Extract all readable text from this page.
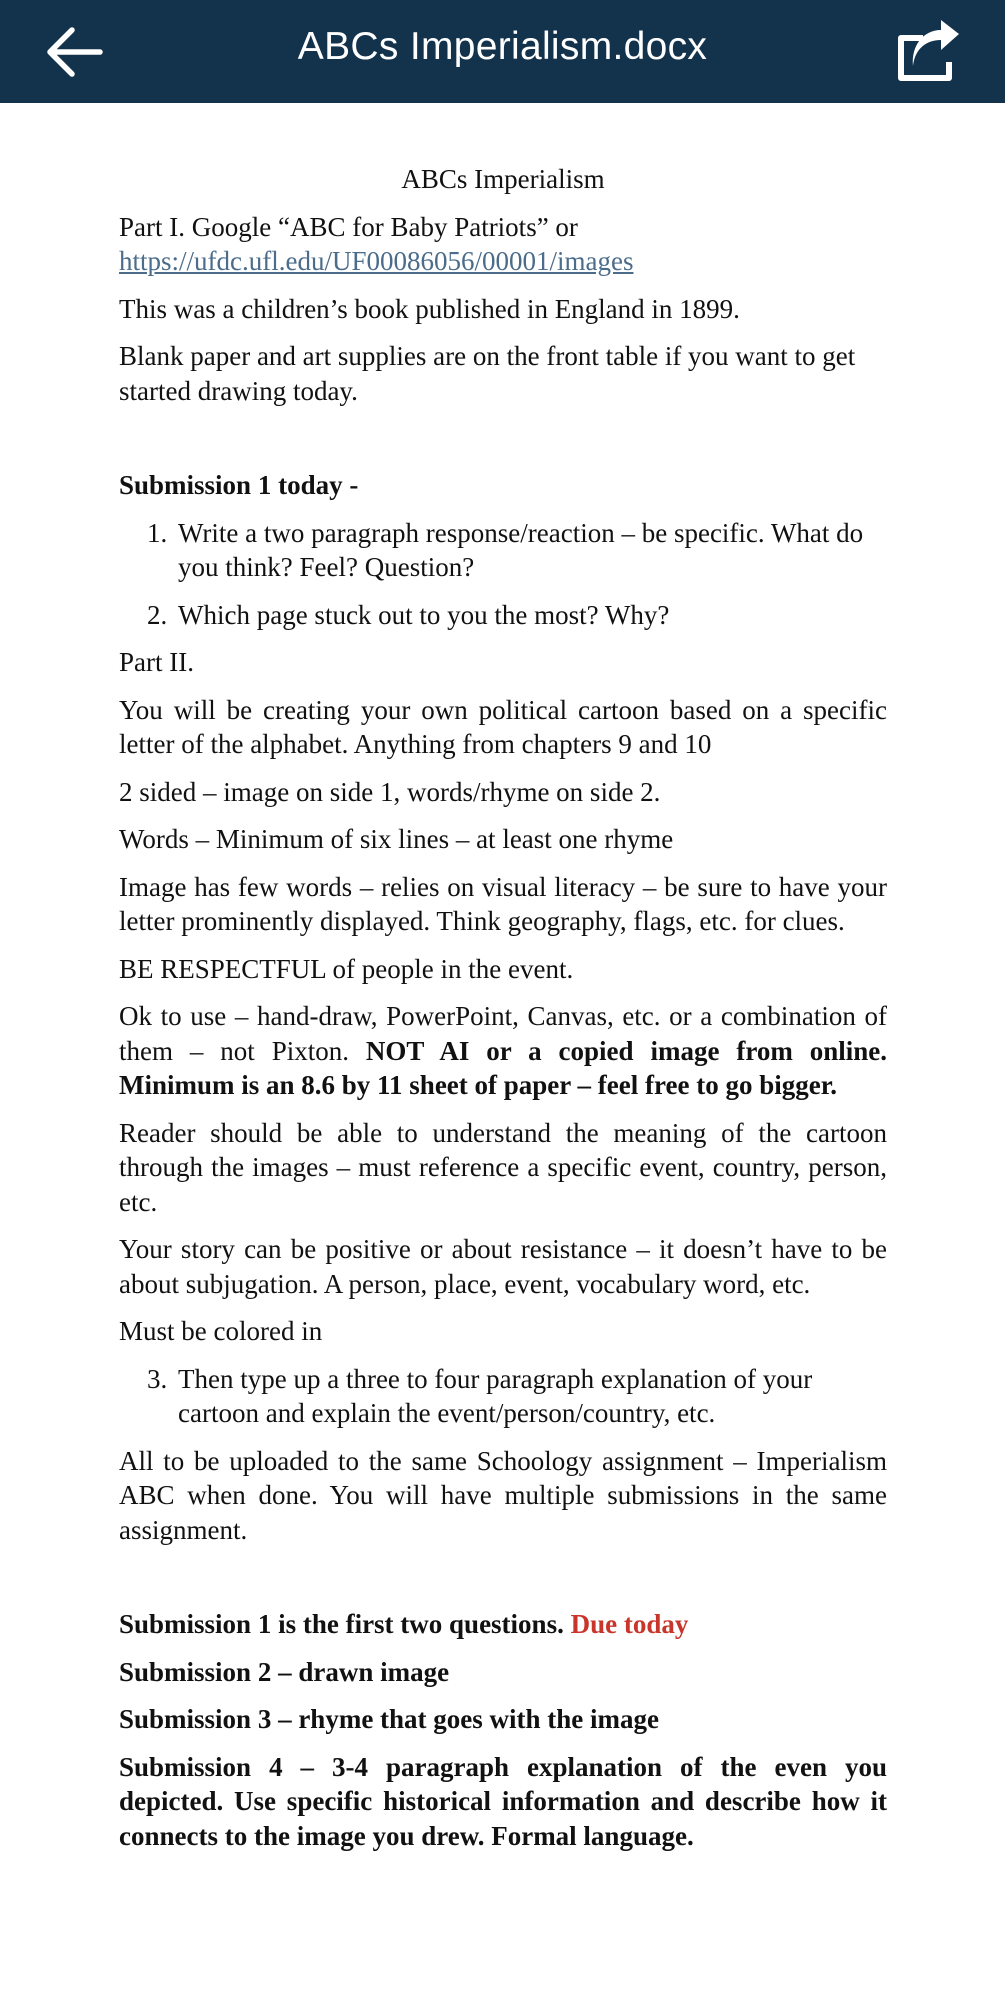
ABCs Imperialism.docx

ABCs Imperialism

Part I. Google “ABC for Baby Patriots” or
https://ufdc.ufl.edu/UF00086056/00001/images

This was a children’s book published in England in 1899.

Blank paper and art supplies are on the front table if you want to get started drawing today.

Submission 1 today -

1. Write a two paragraph response/reaction – be specific. What do you think? Feel? Question?
2. Which page stuck out to you the most? Why?

Part II.

You will be creating your own political cartoon based on a specific letter of the alphabet. Anything from chapters 9 and 10

2 sided – image on side 1, words/rhyme on side 2.

Words – Minimum of six lines – at least one rhyme

Image has few words – relies on visual literacy – be sure to have your letter prominently displayed. Think geography, flags, etc. for clues.

BE RESPECTFUL of people in the event.

Ok to use – hand-draw, PowerPoint, Canvas, etc. or a combination of them – not Pixton. NOT AI or a copied image from online. Minimum is an 8.6 by 11 sheet of paper – feel free to go bigger.

Reader should be able to understand the meaning of the cartoon through the images – must reference a specific event, country, person, etc.

Your story can be positive or about resistance – it doesn’t have to be about subjugation. A person, place, event, vocabulary word, etc.

Must be colored in

3. Then type up a three to four paragraph explanation of your cartoon and explain the event/person/country, etc.

All to be uploaded to the same Schoology assignment – Imperialism ABC when done. You will have multiple submissions in the same assignment.

Submission 1 is the first two questions. Due today

Submission 2 – drawn image

Submission 3 – rhyme that goes with the image

Submission 4 – 3-4 paragraph explanation of the even you depicted. Use specific historical information and describe how it connects to the image you drew. Formal language.
